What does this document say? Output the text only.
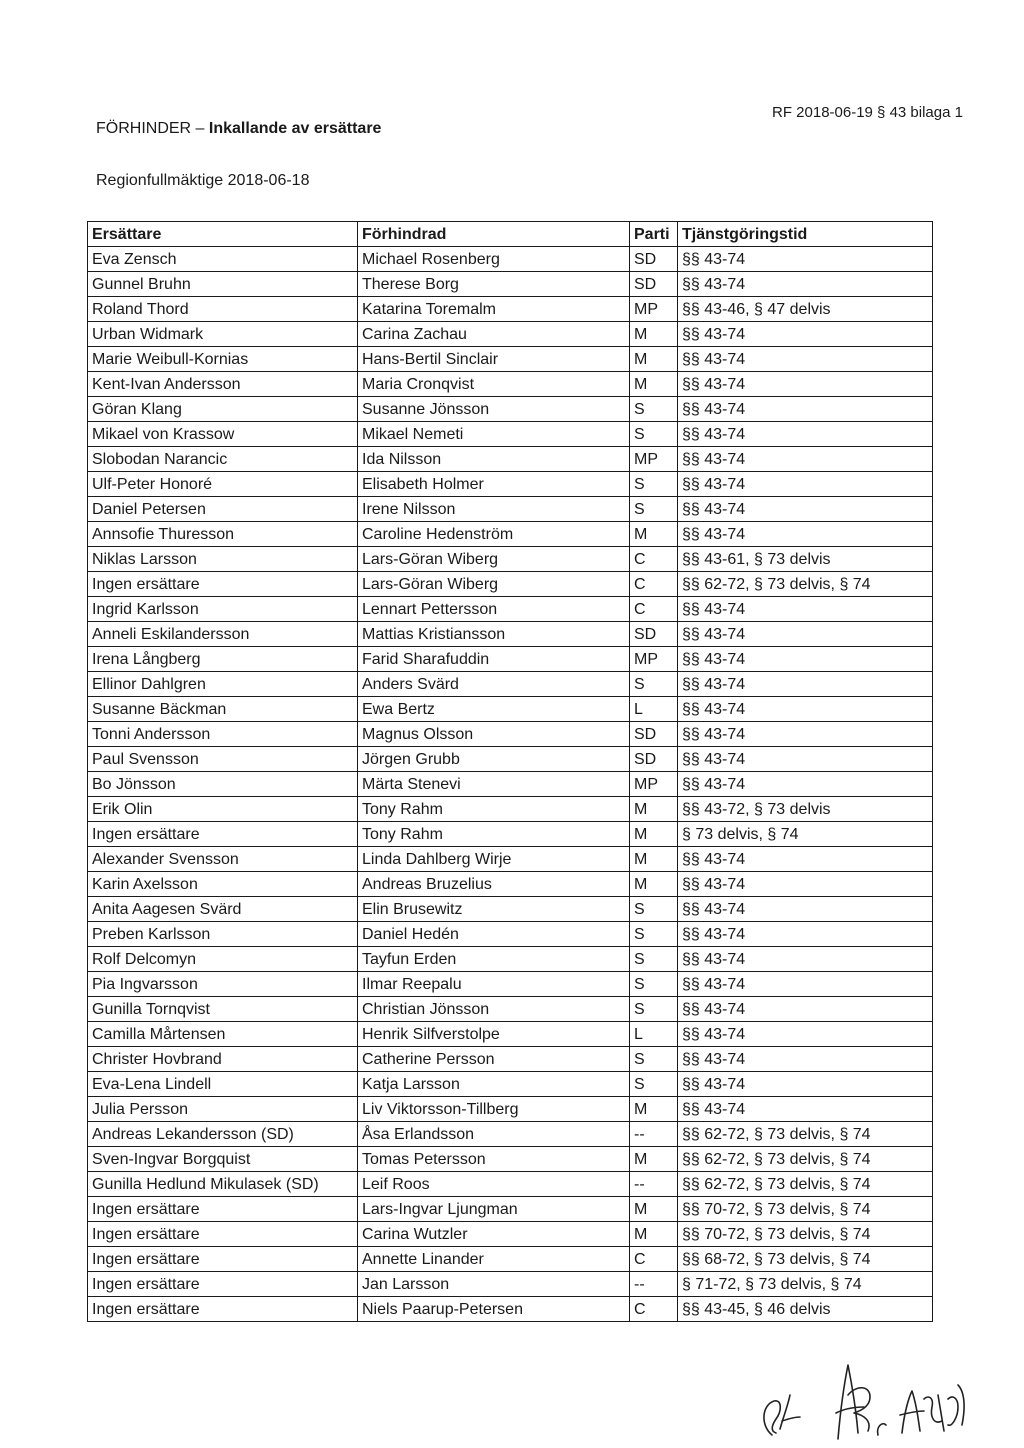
RF 2018-06-19 § 43 bilaga 1
FÖRHINDER – Inkallande av ersättare
Regionfullmäktige 2018-06-18
Ersättare	Förhindrad	Parti	Tjänstgöringstid
Eva Zensch	Michael Rosenberg	SD	§§ 43-74
Gunnel Bruhn	Therese Borg	SD	§§ 43-74
Roland Thord	Katarina Toremalm	MP	§§ 43-46, § 47 delvis
Urban Widmark	Carina Zachau	M	§§ 43-74
Marie Weibull-Kornias	Hans-Bertil Sinclair	M	§§ 43-74
Kent-Ivan Andersson	Maria Cronqvist	M	§§ 43-74
Göran Klang	Susanne Jönsson	S	§§ 43-74
Mikael von Krassow	Mikael Nemeti	S	§§ 43-74
Slobodan Narancic	Ida Nilsson	MP	§§ 43-74
Ulf-Peter Honoré	Elisabeth Holmer	S	§§ 43-74
Daniel Petersen	Irene Nilsson	S	§§ 43-74
Annsofie Thuresson	Caroline Hedenström	M	§§ 43-74
Niklas Larsson	Lars-Göran Wiberg	C	§§ 43-61, § 73 delvis
Ingen ersättare	Lars-Göran Wiberg	C	§§ 62-72, § 73 delvis, § 74
Ingrid Karlsson	Lennart Pettersson	C	§§ 43-74
Anneli Eskilandersson	Mattias Kristiansson	SD	§§ 43-74
Irena Långberg	Farid Sharafuddin	MP	§§ 43-74
Ellinor Dahlgren	Anders Svärd	S	§§ 43-74
Susanne Bäckman	Ewa Bertz	L	§§ 43-74
Tonni Andersson	Magnus Olsson	SD	§§ 43-74
Paul Svensson	Jörgen Grubb	SD	§§ 43-74
Bo Jönsson	Märta Stenevi	MP	§§ 43-74
Erik Olin	Tony Rahm	M	§§ 43-72, § 73 delvis
Ingen ersättare	Tony Rahm	M	§ 73 delvis, § 74
Alexander Svensson	Linda Dahlberg Wirje	M	§§ 43-74
Karin Axelsson	Andreas Bruzelius	M	§§ 43-74
Anita Aagesen Svärd	Elin Brusewitz	S	§§ 43-74
Preben Karlsson	Daniel Hedén	S	§§ 43-74
Rolf Delcomyn	Tayfun Erden	S	§§ 43-74
Pia Ingvarsson	Ilmar Reepalu	S	§§ 43-74
Gunilla Tornqvist	Christian Jönsson	S	§§ 43-74
Camilla Mårtensen	Henrik Silfverstolpe	L	§§ 43-74
Christer Hovbrand	Catherine Persson	S	§§ 43-74
Eva-Lena Lindell	Katja Larsson	S	§§ 43-74
Julia Persson	Liv Viktorsson-Tillberg	M	§§ 43-74
Andreas Lekandersson (SD)	Åsa Erlandsson	--	§§ 62-72, § 73 delvis, § 74
Sven-Ingvar Borgquist	Tomas Petersson	M	§§ 62-72, § 73 delvis, § 74
Gunilla Hedlund Mikulasek (SD)	Leif Roos	--	§§ 62-72, § 73 delvis, § 74
Ingen ersättare	Lars-Ingvar Ljungman	M	§§ 70-72, § 73 delvis, § 74
Ingen ersättare	Carina Wutzler	M	§§ 70-72, § 73 delvis, § 74
Ingen ersättare	Annette Linander	C	§§ 68-72, § 73 delvis, § 74
Ingen ersättare	Jan Larsson	--	§ 71-72, § 73 delvis, § 74
Ingen ersättare	Niels Paarup-Petersen	C	§§ 43-45, § 46 delvis
